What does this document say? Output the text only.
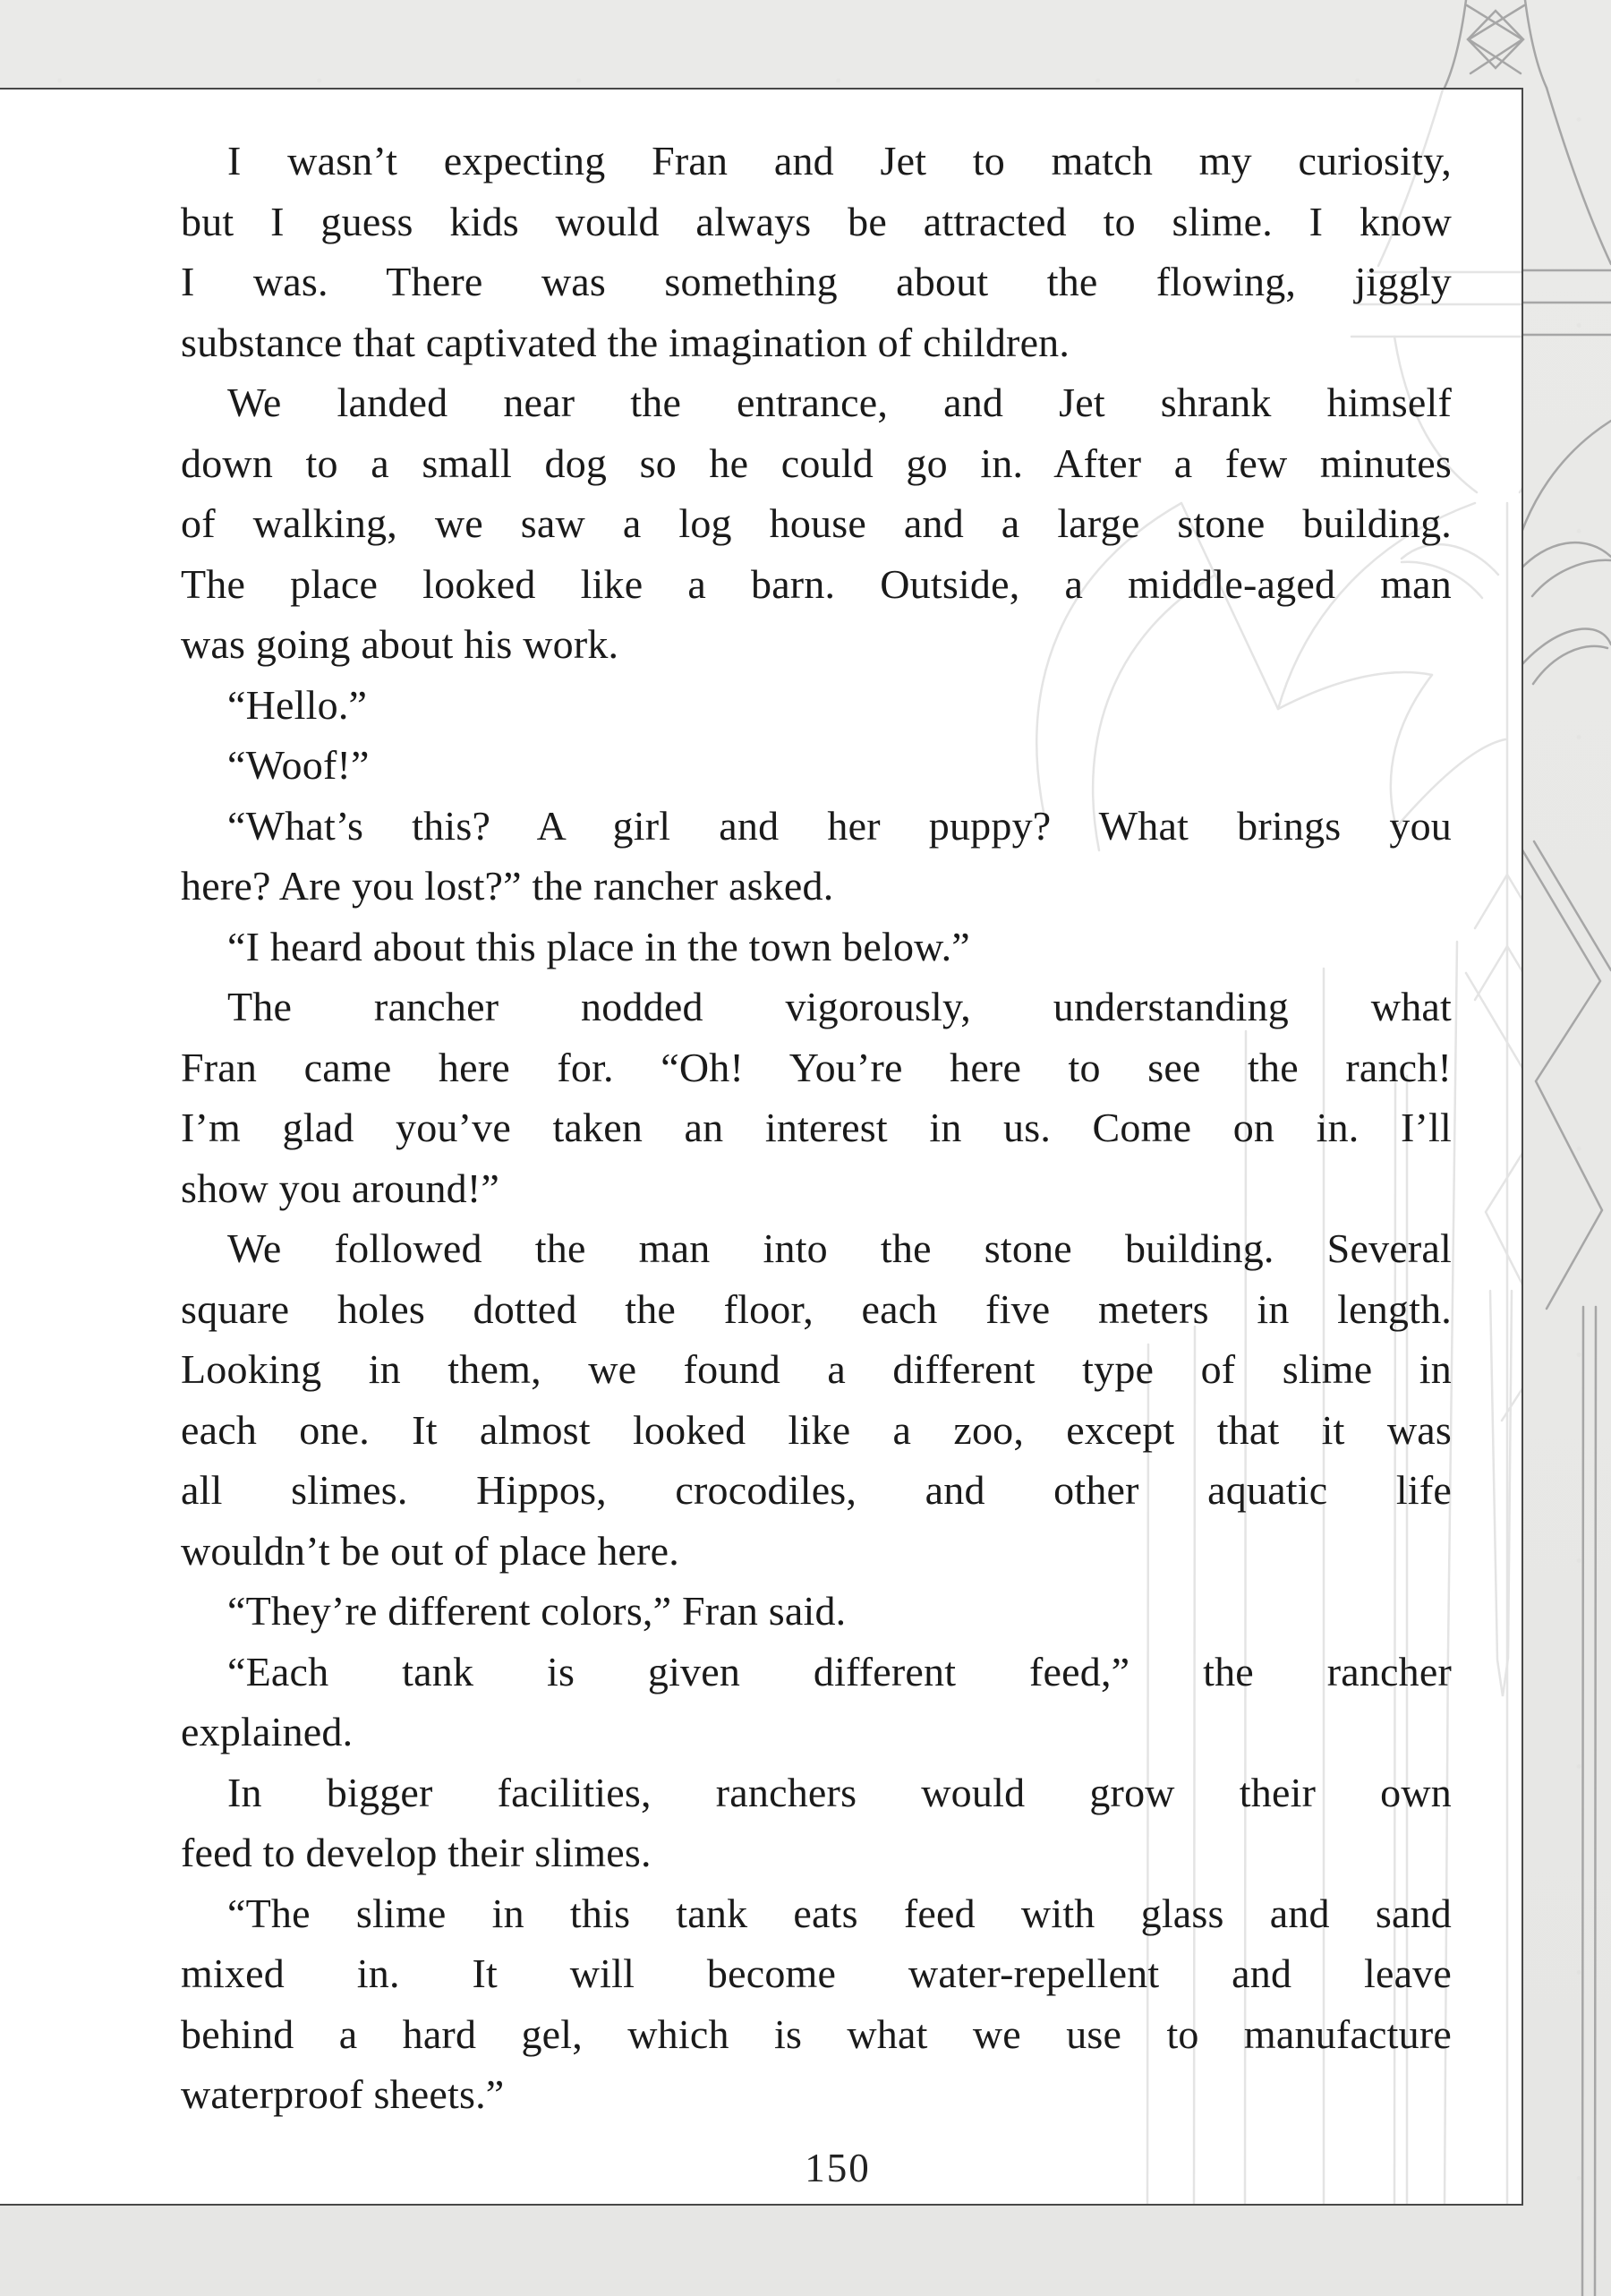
I wasn’t expecting Fran and Jet to match my curiosity,
but I guess kids would always be attracted to slime. I know
I was. There was something about the flowing, jiggly
substance that captivated the imagination of children.
We landed near the entrance, and Jet shrank himself
down to a small dog so he could go in. After a few minutes
of walking, we saw a log house and a large stone building.
The place looked like a barn. Outside, a middle-aged man
was going about his work.
“Hello.”
“Woof!”
“What’s this? A girl and her puppy? What brings you
here? Are you lost?” the rancher asked.
“I heard about this place in the town below.”
The rancher nodded vigorously, understanding what
Fran came here for. “Oh! You’re here to see the ranch!
I’m glad you’ve taken an interest in us. Come on in. I’ll
show you around!”
We followed the man into the stone building. Several
square holes dotted the floor, each five meters in length.
Looking in them, we found a different type of slime in
each one. It almost looked like a zoo, except that it was
all slimes. Hippos, crocodiles, and other aquatic life
wouldn’t be out of place here.
“They’re different colors,” Fran said.
“Each tank is given different feed,” the rancher
explained.
In bigger facilities, ranchers would grow their own
feed to develop their slimes.
“The slime in this tank eats feed with glass and sand
mixed in. It will become water-repellent and leave
behind a hard gel, which is what we use to manufacture
waterproof sheets.”
150
